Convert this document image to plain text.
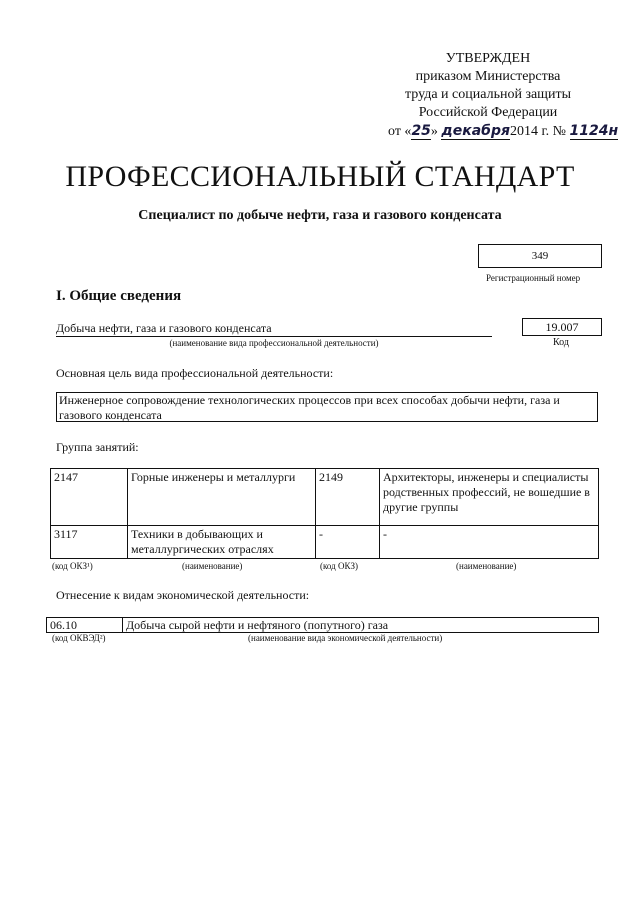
УТВЕРЖДЕН
приказом Министерства
труда и социальной защиты
Российской Федерации
от «25» декабря2014 г. № 1124н
ПРОФЕССИОНАЛЬНЫЙ СТАНДАРТ
Специалист по добыче нефти, газа и газового конденсата
349
Регистрационный номер
I. Общие сведения
Добыча нефти, газа и газового конденсата
(наименование вида профессиональной деятельности)
19.007
Код
Основная цель вида профессиональной деятельности:
Инженерное сопровождение технологических процессов при всех способах добычи нефти, газа и газового конденсата
Группа занятий:
2147	Горные инженеры и металлурги	2149	Архитекторы, инженеры и специалисты родственных профессий, не вошедшие в другие группы
3117	Техники в добывающих и металлургических отраслях	-	-
(код ОКЗ¹)	(наименование)	(код ОКЗ)	(наименование)
Отнесение к видам экономической деятельности:
06.10	Добыча сырой нефти и нефтяного (попутного) газа
(код ОКВЭД²)	(наименование вида экономической деятельности)
